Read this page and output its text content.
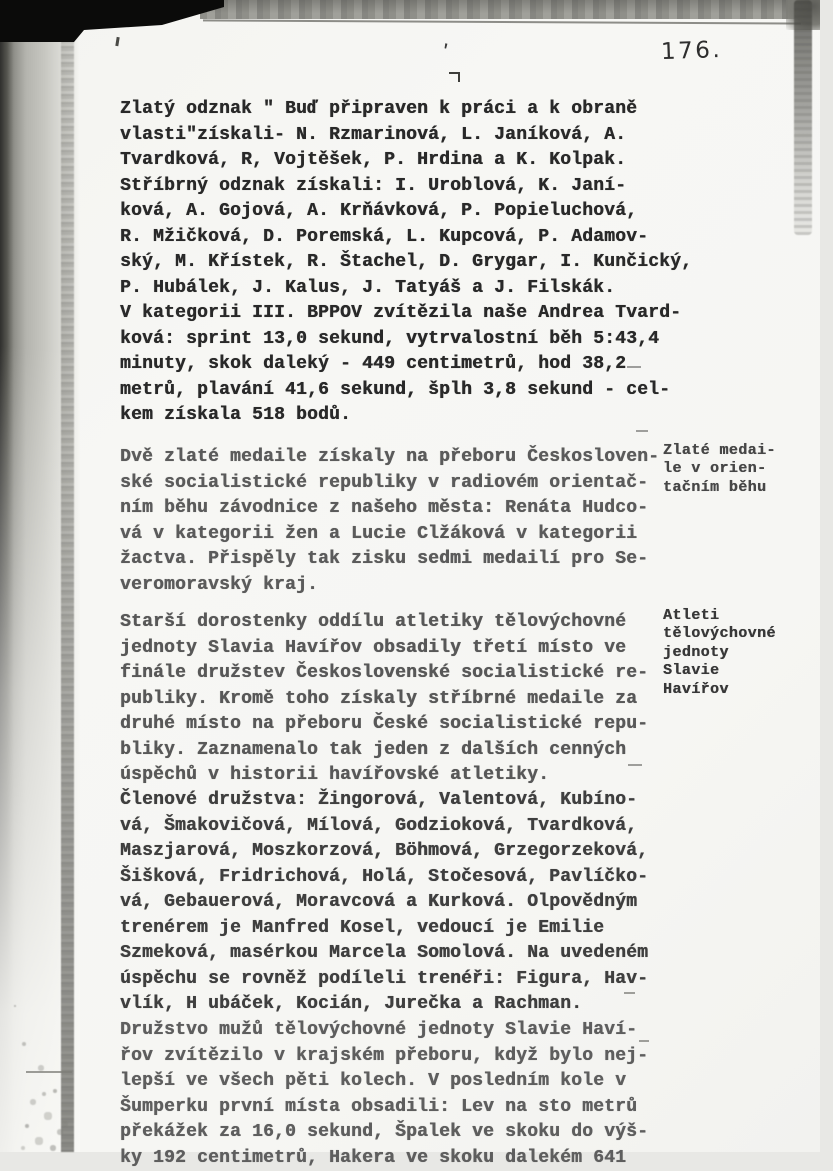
'	176.
Zlatý odznak " Buď připraven k práci a k obraně
vlasti"získali- N. Rzmarinová, L. Janíková, A.
Tvardková, R, Vojtěšek, P. Hrdina a K. Kolpak.
Stříbrný odznak získali: I. Uroblová, K. Janí-
ková, A. Gojová, A. Krňávková, P. Popieluchová,
R. Mžičková, D. Poremská, L. Kupcová, P. Adamov-
ský, M. Křístek, R. Štachel, D. Grygar, I. Kunčický,
P. Hubálek, J. Kalus, J. Tatyáš a J. Filskák.
V kategorii III. BPPOV zvítězila naše Andrea Tvard-
ková: sprint 13,0 sekund, vytrvalostní běh 5:43,4
minuty, skok daleký - 449 centimetrů, hod 38,2
metrů, plavání 41,6 sekund, šplh 3,8 sekund - cel-
kem získala 518 bodů.
Dvě zlaté medaile získaly na přeboru Českosloven-
ské socialistické republiky v radiovém orientač-
ním běhu závodnice z našeho města: Renáta Hudco-
vá v kategorii žen a Lucie Clžáková v kategorii
žactva. Přispěly tak zisku sedmi medailí pro Se-
veromoravský kraj.
Zlaté medai-
le v orien-
tačním běhu
Starší dorostenky oddílu atletiky tělovýchovné
jednoty Slavia Havířov obsadily třetí místo ve
finále družstev Československé socialistické re-
publiky. Kromě toho získaly stříbrné medaile za
druhé místo na přeboru České socialistické repu-
bliky. Zaznamenalo tak jeden z dalších cenných
úspěchů v historii havířovské atletiky.
Atleti
tělovýchovné
jednoty
Slavie
Havířov
Členové družstva: Žingorová, Valentová, Kubíno-
vá, Šmakovičová, Mílová, Godzioková, Tvardková,
Maszjarová, Moszkorzová, Böhmová, Grzegorzeková,
Šišková, Fridrichová, Holá, Stočesová, Pavlíčko-
vá, Gebauerová, Moravcová a Kurková. Olpovědným
trenérem je Manfred Kosel, vedoucí je Emilie
Szmeková, masérkou Marcela Somolová. Na uvedeném
úspěchu se rovněž podíleli trenéři: Figura, Hav-
vlík, H ubáček, Kocián, Jurečka a Rachman.
Družstvo mužů tělovýchovné jednoty Slavie Haví-
řov zvítězilo v krajském přeboru, když bylo nej-
lepší ve všech pěti kolech. V posledním kole v
Šumperku první místa obsadili: Lev na sto metrů
překážek za 16,0 sekund, Špalek ve skoku do výš-
ky 192 centimetrů, Hakera ve skoku dalekém 641
